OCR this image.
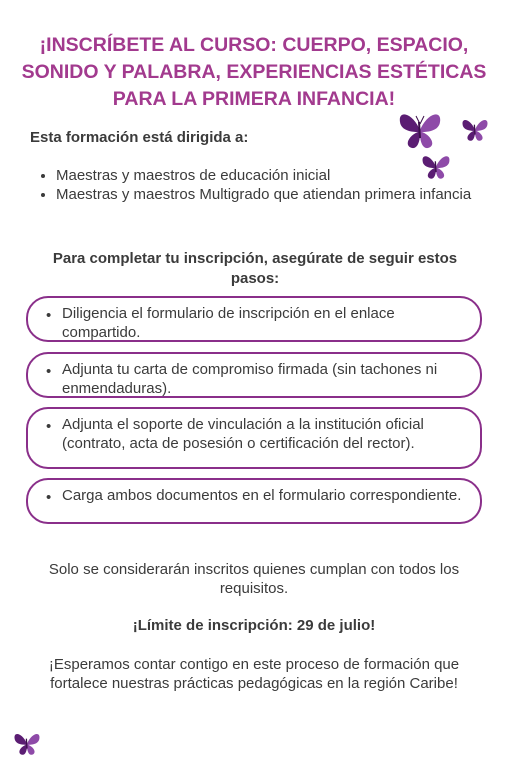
¡INSCRÍBETE AL CURSO: CUERPO, ESPACIO, SONIDO Y PALABRA, EXPERIENCIAS ESTÉTICAS PARA LA PRIMERA INFANCIA!

Esta formación está dirigida a:

• Maestras y maestros de educación inicial
• Maestras y maestros Multigrado que atiendan primera infancia

Para completar tu inscripción, asegúrate de seguir estos pasos:

• Diligencia el formulario de inscripción en el enlace compartido.
• Adjunta tu carta de compromiso firmada (sin tachones ni enmendaduras).
• Adjunta el soporte de vinculación a la institución oficial (contrato, acta de posesión o certificación del rector).
• Carga ambos documentos en el formulario correspondiente.

Solo se considerarán inscritos quienes cumplan con todos los requisitos.

¡Límite de inscripción: 29 de julio!

¡Esperamos contar contigo en este proceso de formación que fortalece nuestras prácticas pedagógicas en la región Caribe!
